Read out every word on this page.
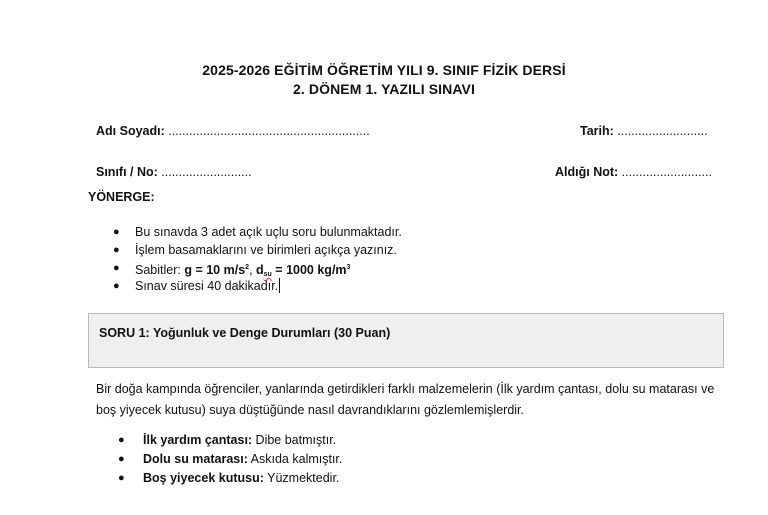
2025-2026 EĞİTİM ÖĞRETİM YILI 9. SINIF FİZİK DERSİ
2. DÖNEM 1. YAZILI SINAVI
Adı Soyadı: ..........................................................	Tarih: ..........................
Sınıfı / No: ..........................	Aldığı Not: ..........................
YÖNERGE:
● Bu sınavda 3 adet açık uçlu soru bulunmaktadır.
● İşlem basamaklarını ve birimleri açıkça yazınız.
● Sabitler: g = 10 $m/s^2$, $d_{su} = 1000$ $kg/m^3$
● Sınav süresi 40 dakikadır.
SORU 1: Yoğunluk ve Denge Durumları (30 Puan)
Bir doğa kampında öğrenciler, yanlarında getirdikleri farklı malzemelerin (İlk yardım çantası, dolu su matarası ve boş yiyecek kutusu) suya düştüğünde nasıl davrandıklarını gözlemlemişlerdir.
● İlk yardım çantası: Dibe batmıştır.
● Dolu su matarası: Askıda kalmıştır.
● Boş yiyecek kutusu: Yüzmektedir.
